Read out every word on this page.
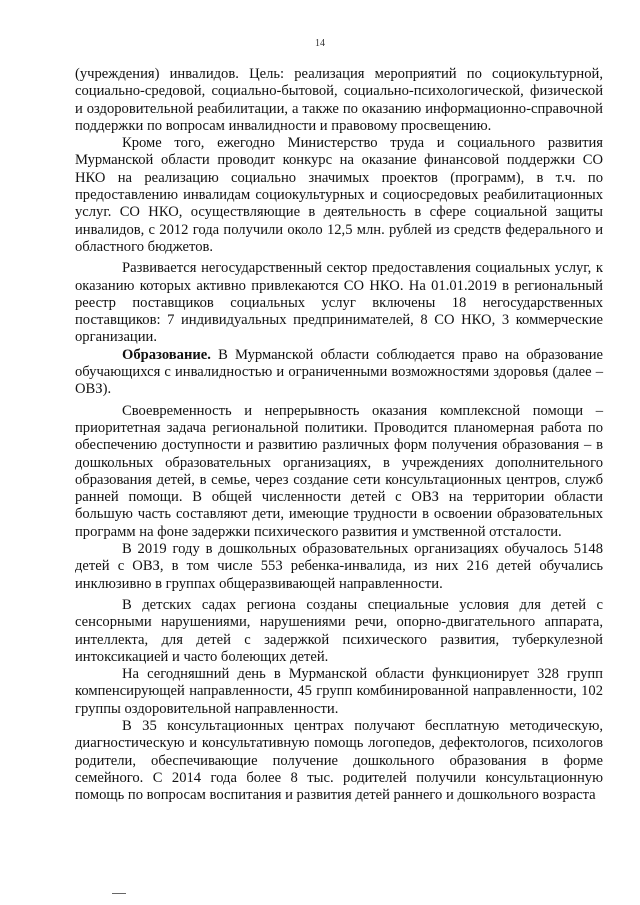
14

(учреждения) инвалидов. Цель: реализация мероприятий по социокультурной, социально-средовой, социально-бытовой, социально-психологической, физической и оздоровительной реабилитации, а также по оказанию информационно-справочной поддержки по вопросам инвалидности и правовому просвещению.

Кроме того, ежегодно Министерство труда и социального развития Мурманской области проводит конкурс на оказание финансовой поддержки СО НКО на реализацию социально значимых проектов (программ), в т.ч. по предоставлению инвалидам социокультурных и социосредовых реабилитационных услуг. СО НКО, осуществляющие в деятельность в сфере социальной защиты инвалидов, с 2012 года получили около 12,5 млн. рублей из средств федерального и областного бюджетов.

Развивается негосударственный сектор предоставления социальных услуг, к оказанию которых активно привлекаются СО НКО. На 01.01.2019 в региональный реестр поставщиков социальных услуг включены 18 негосударственных поставщиков: 7 индивидуальных предпринимателей, 8 СО НКО, 3 коммерческие организации.

Образование. В Мурманской области соблюдается право на образование обучающихся с инвалидностью и ограниченными возможностями здоровья (далее – ОВЗ).

Своевременность и непрерывность оказания комплексной помощи – приоритетная задача региональной политики. Проводится планомерная работа по обеспечению доступности и развитию различных форм получения образования – в дошкольных образовательных организациях, в учреждениях дополнительного образования детей, в семье, через создание сети консультационных центров, служб ранней помощи. В общей численности детей с ОВЗ на территории области большую часть составляют дети, имеющие трудности в освоении образовательных программ на фоне задержки психического развития и умственной отсталости.

В 2019 году в дошкольных образовательных организациях обучалось 5148 детей с ОВЗ, в том числе 553 ребенка-инвалида, из них 216 детей обучались инклюзивно в группах общеразвивающей направленности.

В детских садах региона созданы специальные условия для детей с сенсорными нарушениями, нарушениями речи, опорно-двигательного аппарата, интеллекта, для детей с задержкой психического развития, туберкулезной интоксикацией и часто болеющих детей.

На сегодняшний день в Мурманской области функционирует 328 групп компенсирующей направленности, 45 групп комбинированной направленности, 102 группы оздоровительной направленности.

В 35 консультационных центрах получают бесплатную методическую, диагностическую и консультативную помощь логопедов, дефектологов, психологов родители, обеспечивающие получение дошкольного образования в форме семейного. С 2014 года более 8 тыс. родителей получили консультационную помощь по вопросам воспитания и развития детей раннего и дошкольного возраста
